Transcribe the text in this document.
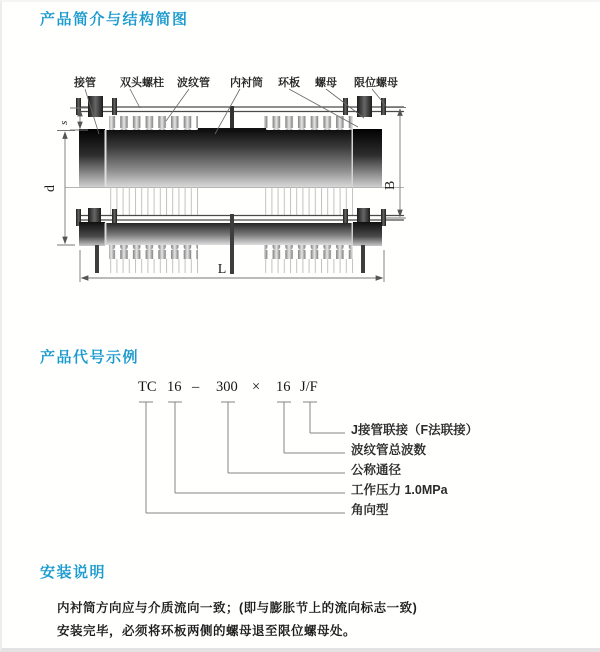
产品简介与结构简图
s
d	B
L
接管 双头螺柱 波纹管 内衬筒 环板 螺母 限位螺母
产品代号示例
TC 16 – 300 × 16 J/F
J接管联接（F法联接）
波纹管总波数
公称通径
工作压力 1.0MPa
角向型
安装说明

内衬筒方向应与介质流向一致；(即与膨胀节上的流向标志一致)

安装完毕，必须将环板两侧的螺母退至限位螺母处。
